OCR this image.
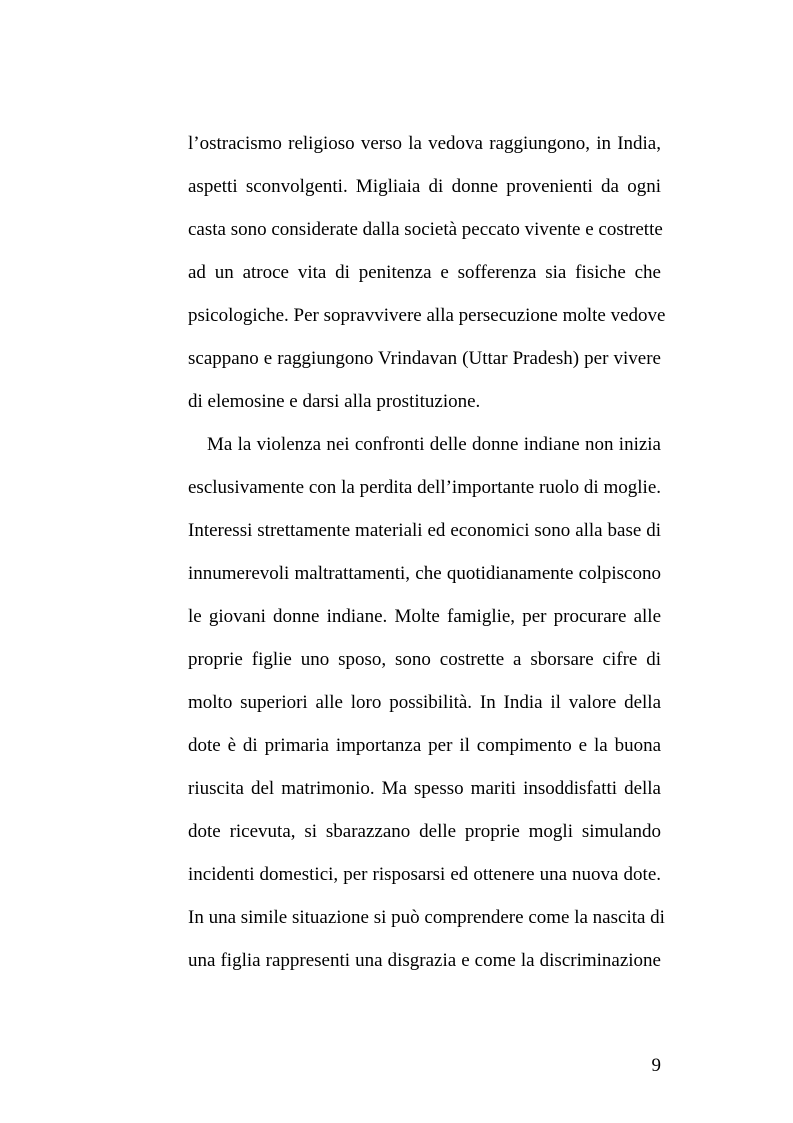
l’ostracismo religioso verso la vedova raggiungono, in India,
aspetti sconvolgenti. Migliaia di donne provenienti da ogni
casta sono considerate dalla società peccato vivente e costrette
ad un atroce vita di penitenza e sofferenza sia fisiche che
psicologiche. Per sopravvivere alla persecuzione molte vedove
scappano e raggiungono Vrindavan (Uttar Pradesh) per vivere
di elemosine e darsi alla prostituzione.
Ma la violenza nei confronti delle donne indiane non inizia
esclusivamente con la perdita dell’importante ruolo di moglie.
Interessi strettamente materiali ed economici sono alla base di
innumerevoli maltrattamenti, che quotidianamente colpiscono
le giovani donne indiane. Molte famiglie, per procurare alle
proprie figlie uno sposo, sono costrette a sborsare cifre di
molto superiori alle loro possibilità. In India il valore della
dote è di primaria importanza per il compimento e la buona
riuscita del matrimonio. Ma spesso mariti insoddisfatti della
dote ricevuta, si sbarazzano delle proprie mogli simulando
incidenti domestici, per risposarsi ed ottenere una nuova dote.
In una simile situazione si può comprendere come la nascita di
una figlia rappresenti una disgrazia e come la discriminazione
9
